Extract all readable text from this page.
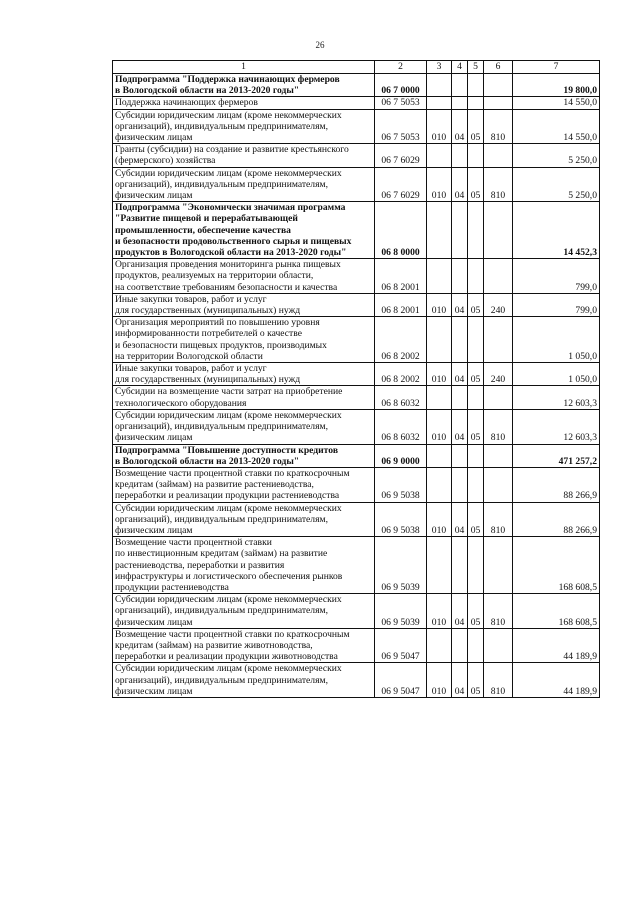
26
1	2	3	4	5	6	7

Подпрограмма "Поддержка начинающих фермеров
в Вологодской области на 2013-2020 годы"	06 7 0000					19 800,0

Поддержка начинающих фермеров	06 7 5053					14 550,0

Субсидии юридическим лицам (кроме некоммерческих
организаций), индивидуальным предпринимателям,
физическим лицам	06 7 5053	010	04	05	810	14 550,0

Гранты (субсидии) на создание и развитие крестьянского
(фермерского) хозяйства	06 7 6029					5 250,0

Субсидии юридическим лицам (кроме некоммерческих
организаций), индивидуальным предпринимателям,
физическим лицам	06 7 6029	010	04	05	810	5 250,0

Подпрограмма "Экономически значимая программа
"Развитие пищевой и перерабатывающей
промышленности, обеспечение качества
и безопасности продовольственного сырья и пищевых
продуктов в Вологодской области на 2013-2020 годы"	06 8 0000					14 452,3

Организация проведения мониторинга рынка пищевых
продуктов, реализуемых на территории области,
на соответствие требованиям безопасности и качества	06 8 2001					799,0

Иные закупки товаров, работ и услуг
для государственных (муниципальных) нужд	06 8 2001	010	04	05	240	799,0

Организация мероприятий по повышению уровня
информированности потребителей о качестве
и безопасности пищевых продуктов, производимых
на территории Вологодской области	06 8 2002					1 050,0

Иные закупки товаров, работ и услуг
для государственных (муниципальных) нужд	06 8 2002	010	04	05	240	1 050,0

Субсидии на возмещение части затрат на приобретение
технологического оборудования	06 8 6032					12 603,3

Субсидии юридическим лицам (кроме некоммерческих
организаций), индивидуальным предпринимателям,
физическим лицам	06 8 6032	010	04	05	810	12 603,3

Подпрограмма "Повышение доступности кредитов
в Вологодской области на 2013-2020 годы"	06 9 0000					471 257,2

Возмещение части процентной ставки по краткосрочным
кредитам (займам) на развитие растениеводства,
переработки и реализации продукции растениеводства	06 9 5038					88 266,9

Субсидии юридическим лицам (кроме некоммерческих
организаций), индивидуальным предпринимателям,
физическим лицам	06 9 5038	010	04	05	810	88 266,9

Возмещение части процентной ставки
по инвестиционным кредитам (займам) на развитие
растениеводства, переработки и развития
инфраструктуры и логистического обеспечения рынков
продукции растениеводства	06 9 5039					168 608,5

Субсидии юридическим лицам (кроме некоммерческих
организаций), индивидуальным предпринимателям,
физическим лицам	06 9 5039	010	04	05	810	168 608,5

Возмещение части процентной ставки по краткосрочным
кредитам (займам) на развитие животноводства,
переработки и реализации продукции животноводства	06 9 5047					44 189,9

Субсидии юридическим лицам (кроме некоммерческих
организаций), индивидуальным предпринимателям,
физическим лицам	06 9 5047	010	04	05	810	44 189,9
